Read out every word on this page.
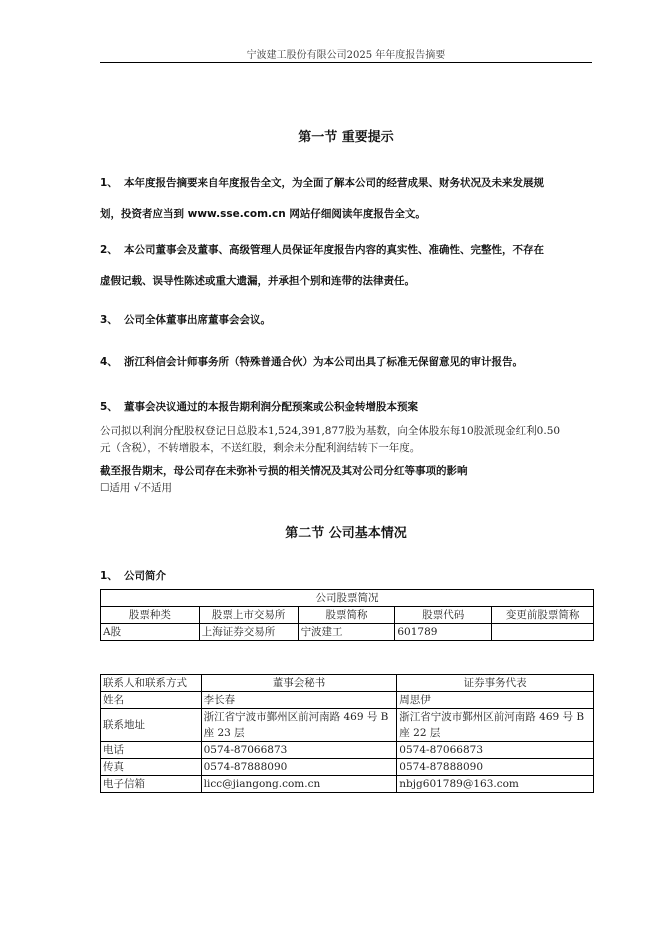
宁波建工股份有限公司2025 年年度报告摘要
第一节 重要提示
1、 本年度报告摘要来自年度报告全文，为全面了解本公司的经营成果、财务状况及未来发展规
划，投资者应当到 www.sse.com.cn 网站仔细阅读年度报告全文。
2、 本公司董事会及董事、高级管理人员保证年度报告内容的真实性、准确性、完整性，不存在
虚假记载、误导性陈述或重大遗漏，并承担个别和连带的法律责任。
3、 公司全体董事出席董事会会议。
4、 浙江科信会计师事务所（特殊普通合伙）为本公司出具了标准无保留意见的审计报告。
5、 董事会决议通过的本报告期利润分配预案或公积金转增股本预案
公司拟以利润分配股权登记日总股本1,524,391,877股为基数，向全体股东每10股派现金红利0.50
元（含税），不转增股本，不送红股，剩余未分配利润结转下一年度。
截至报告期末，母公司存在未弥补亏损的相关情况及其对公司分红等事项的影响
☐适用 √不适用
第二节 公司基本情况
1、 公司简介
公司股票简况				
股票种类	股票上市交易所	股票简称	股票代码	变更前股票简称
A股	上海证券交易所	宁波建工	601789	
联系人和联系方式	董事会秘书	证券事务代表
姓名	李长春	周思伊
联系地址	浙江省宁波市鄞州区前河南路 469 号 B 座 23 层	浙江省宁波市鄞州区前河南路 469 号 B 座 22 层
电话	0574-87066873	0574-87066873
传真	0574-87888090	0574-87888090
电子信箱	licc@jiangong.com.cn	nbjg601789@163.com
